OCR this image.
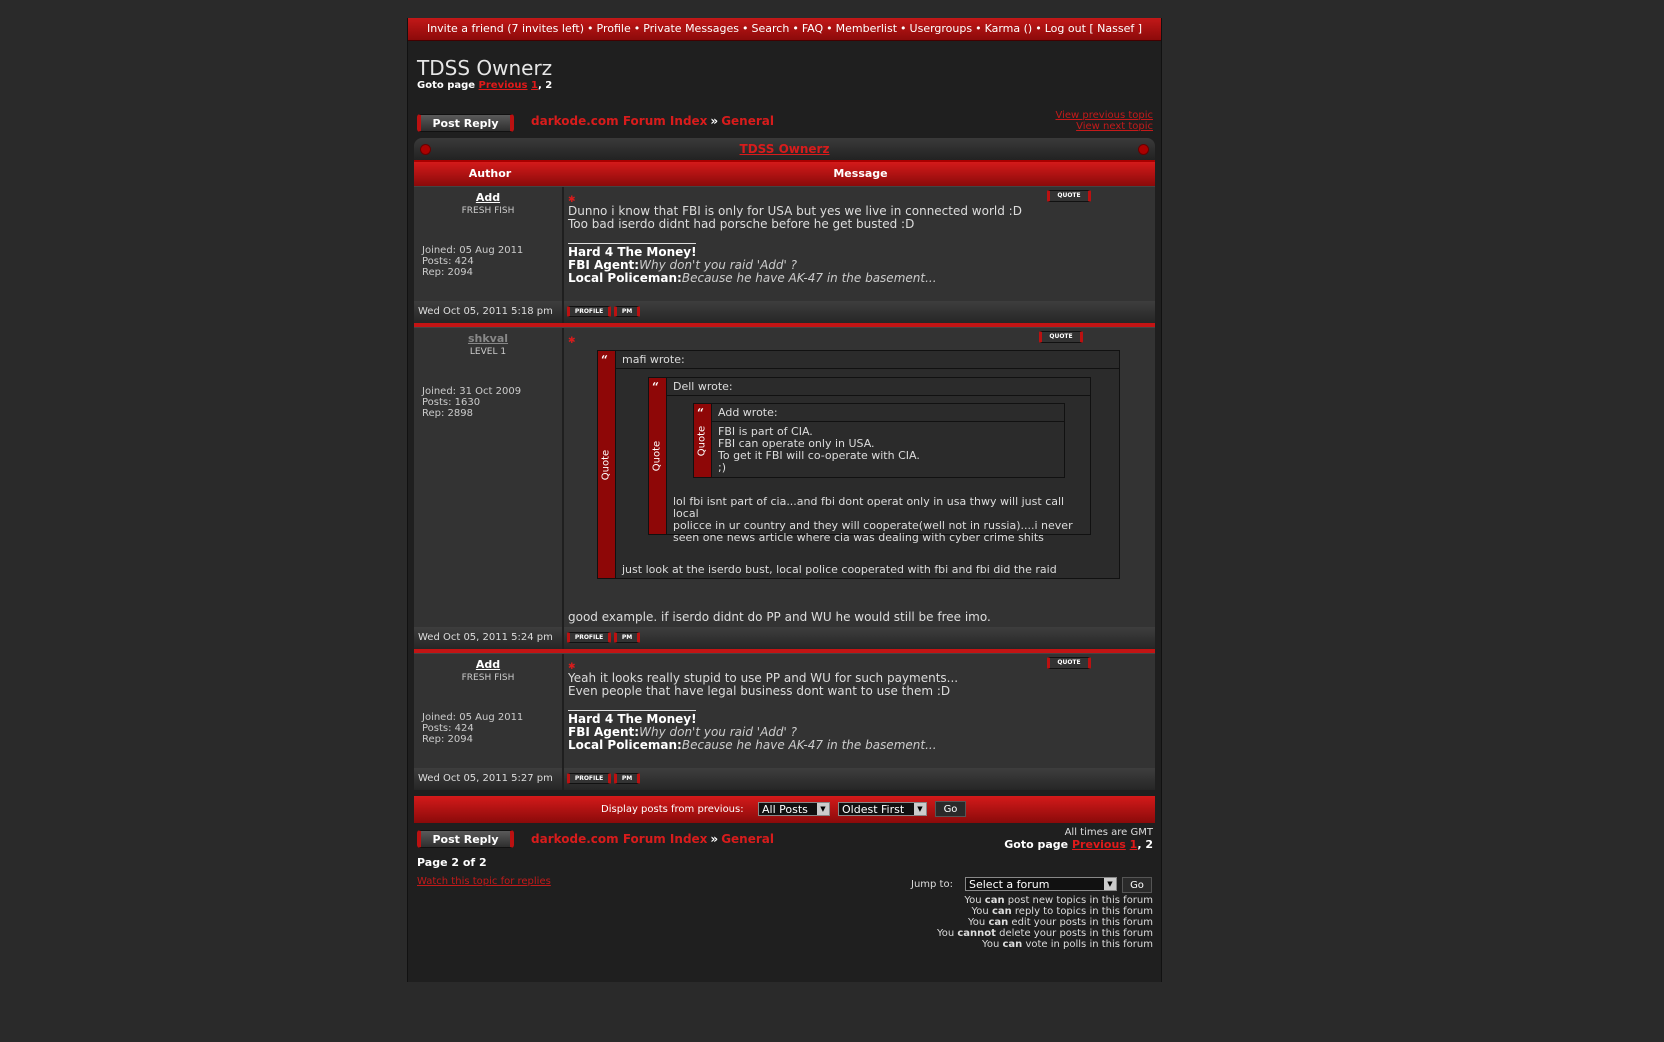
Invite a friend (7 invites left) • Profile • Private Messages • Search • FAQ • Memberlist • Usergroups • Karma () • Log out [ Nassef ]
TDSS Ownerz
Goto page Previous 1, 2
Post Reply	darkode.com Forum Index » General	View previous topic
View next topic
TDSS Ownerz
Author	Message
Add
FRESH FISH
Joined: 05 Aug 2011
Posts: 424
Rep: 2094
✱	QUOTE
Dunno i know that FBI is only for USA but yes we live in connected world :D
Too bad iserdo didnt had porsche before he get busted :D
Hard 4 The Money!
FBI Agent:Why don't you raid 'Add' ?
Local Policeman:Because he have AK-47 in the basement...
Wed Oct 05, 2011 5:18 pm	PROFILE	PM
shkval
LEVEL 1
Joined: 31 Oct 2009
Posts: 1630
Rep: 2898
✱	QUOTE
“
Quote
mafi wrote:
“
Quote
Dell wrote:
“
Quote
Add wrote:
FBI is part of CIA.
FBI can operate only in USA.
To get it FBI will co-operate with CIA.
;)
lol fbi isnt part of cia...and fbi dont operat only in usa thwy will just call local
policce in ur country and they will cooperate(well not in russia)....i never
seen one news article where cia was dealing with cyber crime shits
just look at the iserdo bust, local police cooperated with fbi and fbi did the raid
good example. if iserdo didnt do PP and WU he would still be free imo.
Wed Oct 05, 2011 5:24 pm	PROFILE	PM
Add
FRESH FISH
Joined: 05 Aug 2011
Posts: 424
Rep: 2094
✱	QUOTE
Yeah it looks really stupid to use PP and WU for such payments...
Even people that have legal business dont want to use them :D
Hard 4 The Money!
FBI Agent:Why don't you raid 'Add' ?
Local Policeman:Because he have AK-47 in the basement...
Wed Oct 05, 2011 5:27 pm	PROFILE	PM
Display posts from previous:	All Posts	▼	Oldest First	▼	Go
Post Reply	darkode.com Forum Index » General	All times are GMT
Goto page Previous 1, 2
Page 2 of 2
Watch this topic for replies	Jump to:	Select a forum	▼	Go
You can post new topics in this forum
You can reply to topics in this forum
You can edit your posts in this forum
You cannot delete your posts in this forum
You can vote in polls in this forum
